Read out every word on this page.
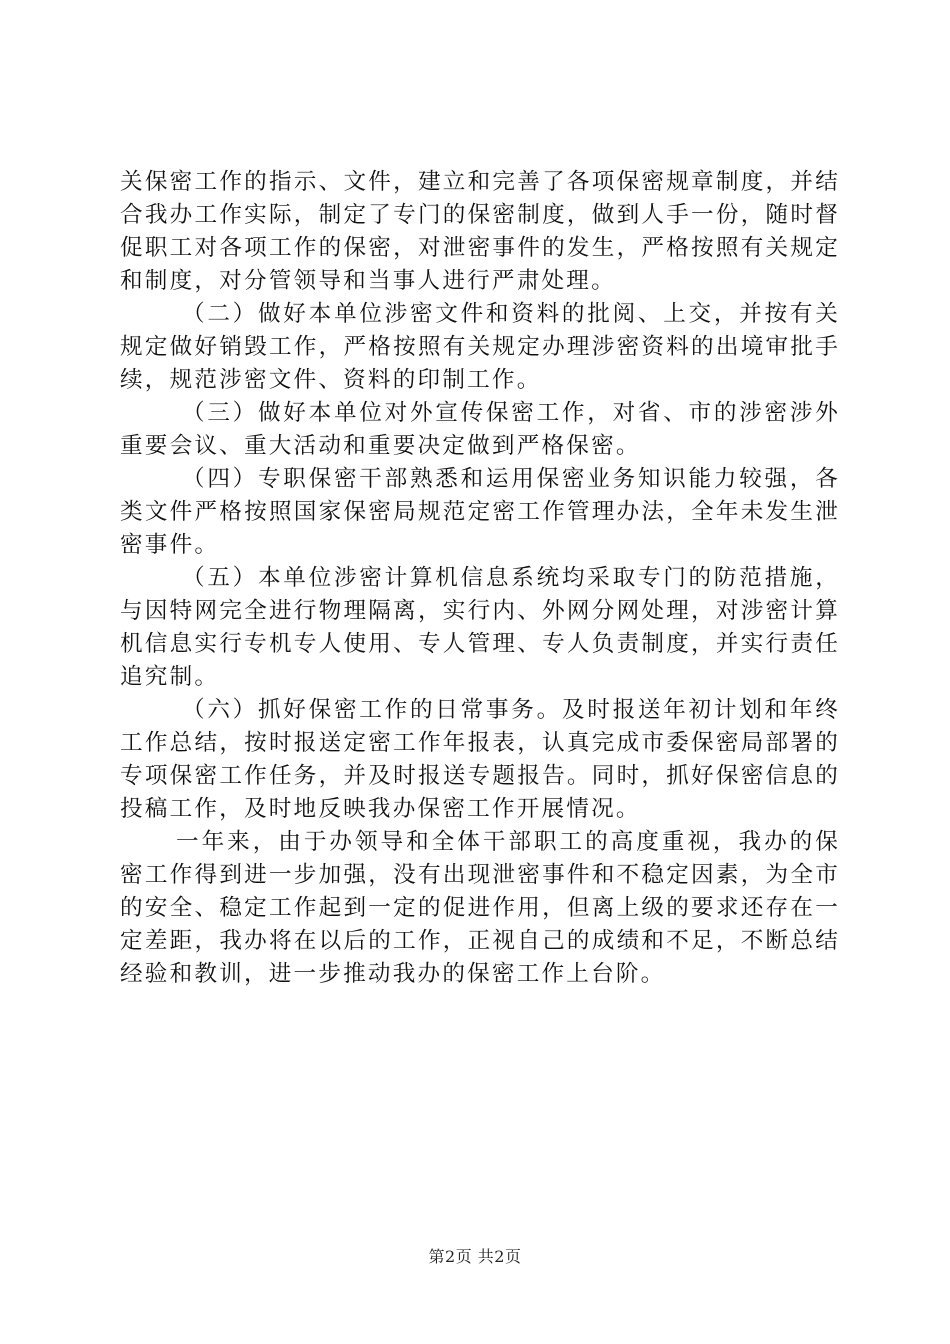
关保密工作的指示、文件，建立和完善了各项保密规章制度，并结合我办工作实际，制定了专门的保密制度，做到人手一份，随时督促职工对各项工作的保密，对泄密事件的发生，严格按照有关规定和制度，对分管领导和当事人进行严肃处理。

（二）做好本单位涉密文件和资料的批阅、上交，并按有关规定做好销毁工作，严格按照有关规定办理涉密资料的出境审批手续，规范涉密文件、资料的印制工作。

（三）做好本单位对外宣传保密工作，对省、市的涉密涉外重要会议、重大活动和重要决定做到严格保密。

（四）专职保密干部熟悉和运用保密业务知识能力较强，各类文件严格按照国家保密局规范定密工作管理办法，全年未发生泄密事件。

（五）本单位涉密计算机信息系统均采取专门的防范措施，与因特网完全进行物理隔离，实行内、外网分网处理，对涉密计算机信息实行专机专人使用、专人管理、专人负责制度，并实行责任追究制。

（六）抓好保密工作的日常事务。及时报送年初计划和年终工作总结，按时报送定密工作年报表，认真完成市委保密局部署的专项保密工作任务，并及时报送专题报告。同时，抓好保密信息的投稿工作，及时地反映我办保密工作开展情况。

一年来，由于办领导和全体干部职工的高度重视，我办的保密工作得到进一步加强，没有出现泄密事件和不稳定因素，为全市的安全、稳定工作起到一定的促进作用，但离上级的要求还存在一定差距，我办将在以后的工作，正视自己的成绩和不足，不断总结经验和教训，进一步推动我办的保密工作上台阶。

第2页 共2页
